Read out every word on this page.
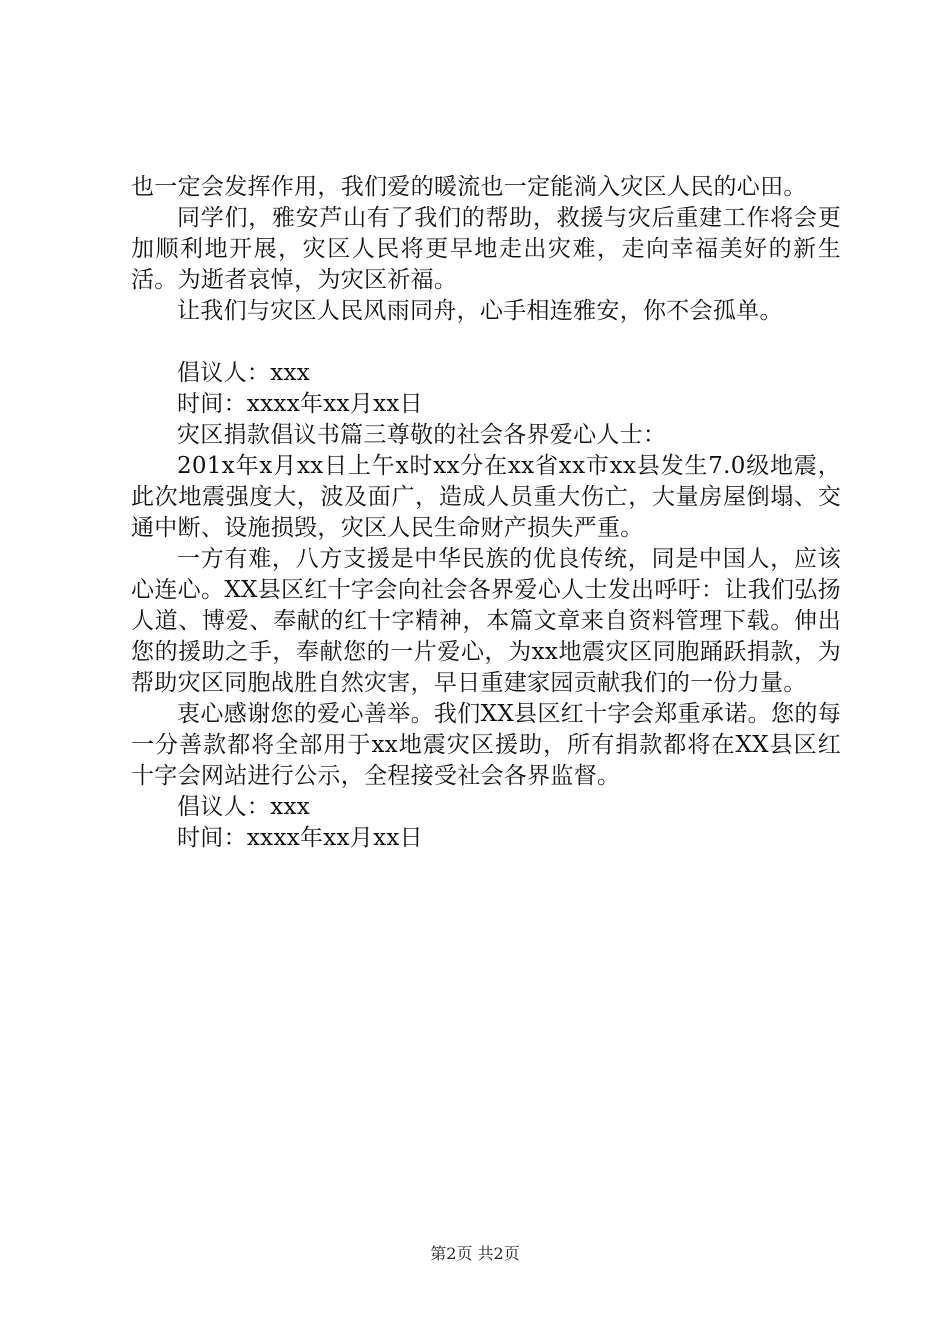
也一定会发挥作用，我们爱的暖流也一定能淌入灾区人民的心田。

同学们，雅安芦山有了我们的帮助，救援与灾后重建工作将会更加顺利地开展，灾区人民将更早地走出灾难，走向幸福美好的新生活。为逝者哀悼，为灾区祈福。

让我们与灾区人民风雨同舟，心手相连雅安，你不会孤单。

倡议人：xxx

时间：xxxx年xx月xx日

灾区捐款倡议书篇三尊敬的社会各界爱心人士：

201x年x月xx日上午x时xx分在xx省xx市xx县发生7.0级地震，此次地震强度大，波及面广，造成人员重大伤亡，大量房屋倒塌、交通中断、设施损毁，灾区人民生命财产损失严重。

一方有难，八方支援是中华民族的优良传统，同是中国人，应该心连心。XX县区红十字会向社会各界爱心人士发出呼吁：让我们弘扬人道、博爱、奉献的红十字精神，本篇文章来自资料管理下载。伸出您的援助之手，奉献您的一片爱心，为xx地震灾区同胞踊跃捐款，为帮助灾区同胞战胜自然灾害，早日重建家园贡献我们的一份力量。

衷心感谢您的爱心善举。我们XX县区红十字会郑重承诺。您的每一分善款都将全部用于xx地震灾区援助，所有捐款都将在XX县区红十字会网站进行公示，全程接受社会各界监督。

倡议人：xxx

时间：xxxx年xx月xx日

第2页 共2页
